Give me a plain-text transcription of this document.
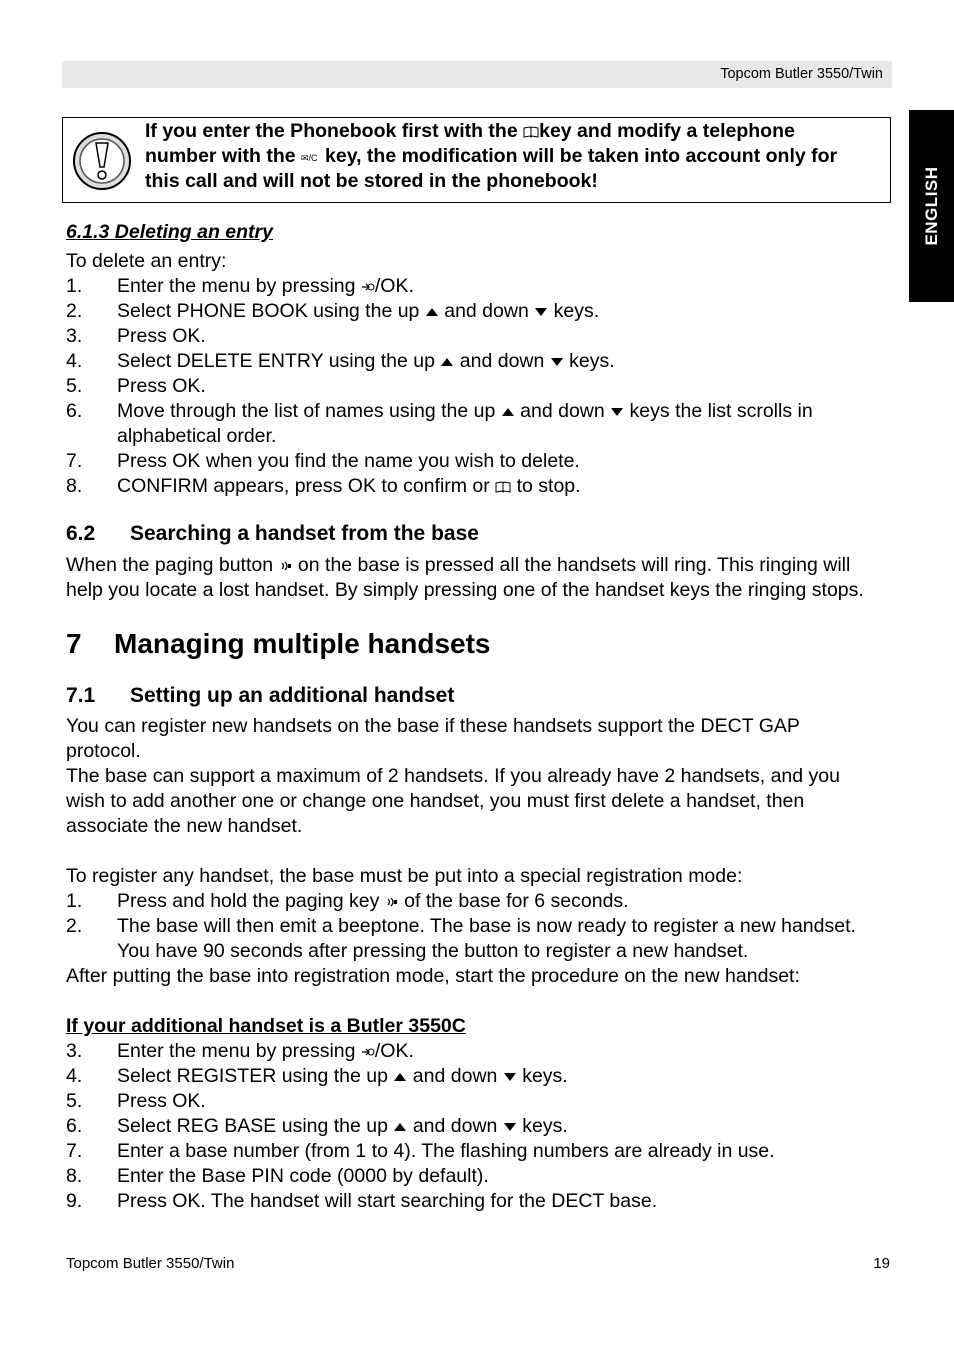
Topcom Butler 3550/Twin
ENGLISH
If you enter the Phonebook first with the key and modify a telephone
number with the ✉/C key, the modification will be taken into account only for
this call and will not be stored in the phonebook!
6.1.3 Deleting an entry
To delete an entry:
1. Enter the menu by pressing /OK.
2. Select PHONE BOOK using the up  and down  keys.
3. Press OK.
4. Select DELETE ENTRY using the up  and down  keys.
5. Press OK.
6. Move through the list of names using the up  and down  keys the list scrolls in
alphabetical order.
7. Press OK when you find the name you wish to delete.
8. CONFIRM appears, press OK to confirm or  to stop.
6.2 Searching a handset from the base
When the paging button  on the base is pressed all the handsets will ring. This ringing will
help you locate a lost handset. By simply pressing one of the handset keys the ringing stops.
7 Managing multiple handsets
7.1 Setting up an additional handset
You can register new handsets on the base if these handsets support the DECT GAP
protocol.
The base can support a maximum of 2 handsets. If you already have 2 handsets, and you
wish to add another one or change one handset, you must first delete a handset, then
associate the new handset.
To register any handset, the base must be put into a special registration mode:
1. Press and hold the paging key  of the base for 6 seconds.
2. The base will then emit a beeptone. The base is now ready to register a new handset.
You have 90 seconds after pressing the button to register a new handset.
After putting the base into registration mode, start the procedure on the new handset:
If your additional handset is a Butler 3550C
3. Enter the menu by pressing /OK.
4. Select REGISTER using the up  and down  keys.
5. Press OK.
6. Select REG BASE using the up  and down  keys.
7. Enter a base number (from 1 to 4). The flashing numbers are already in use.
8. Enter the Base PIN code (0000 by default).
9. Press OK. The handset will start searching for the DECT base.
Topcom Butler 3550/Twin	19
